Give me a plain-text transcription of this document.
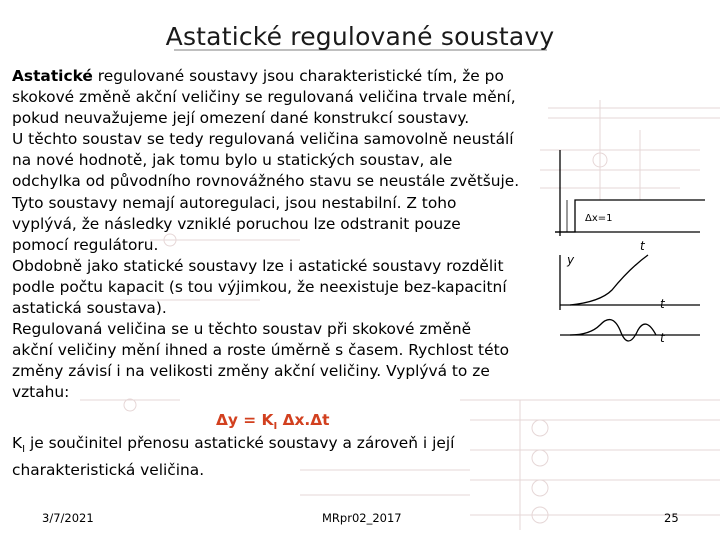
Δx=1
t
y
t
t
Astatické regulované soustavy
Astatické regulované soustavy jsou charakteristické tím, že po
skokové změně akční veličiny se regulovaná veličina trvale mění,
pokud neuvažujeme její omezení dané konstrukcí soustavy.
U těchto soustav se tedy regulovaná veličina samovolně neustálí
na nové hodnotě, jak tomu bylo u statických soustav, ale
odchylka od původního rovnovážného stavu se neustále zvětšuje.
Tyto soustavy nemají autoregulaci, jsou nestabilní. Z toho
vyplývá, že následky vzniklé poruchou lze odstranit pouze
pomocí regulátoru.
Obdobně jako statické soustavy lze i astatické soustavy rozdělit
podle počtu kapacit (s tou výjimkou, že neexistuje bez-kapacitní
astatická soustava).
Regulovaná veličina se u těchto soustav při skokové změně
akční veličiny mění ihned a roste úměrně s časem. Rychlost této
změny závisí i na velikosti změny akční veličiny. Vyplývá to ze
vztahu:
$\Delta y = K_I$ Δx.Δt
$K_I$ je součinitel přenosu astatické soustavy a zároveň i její
charakteristická veličina.
3/7/2021	MRpr02_2017	25
